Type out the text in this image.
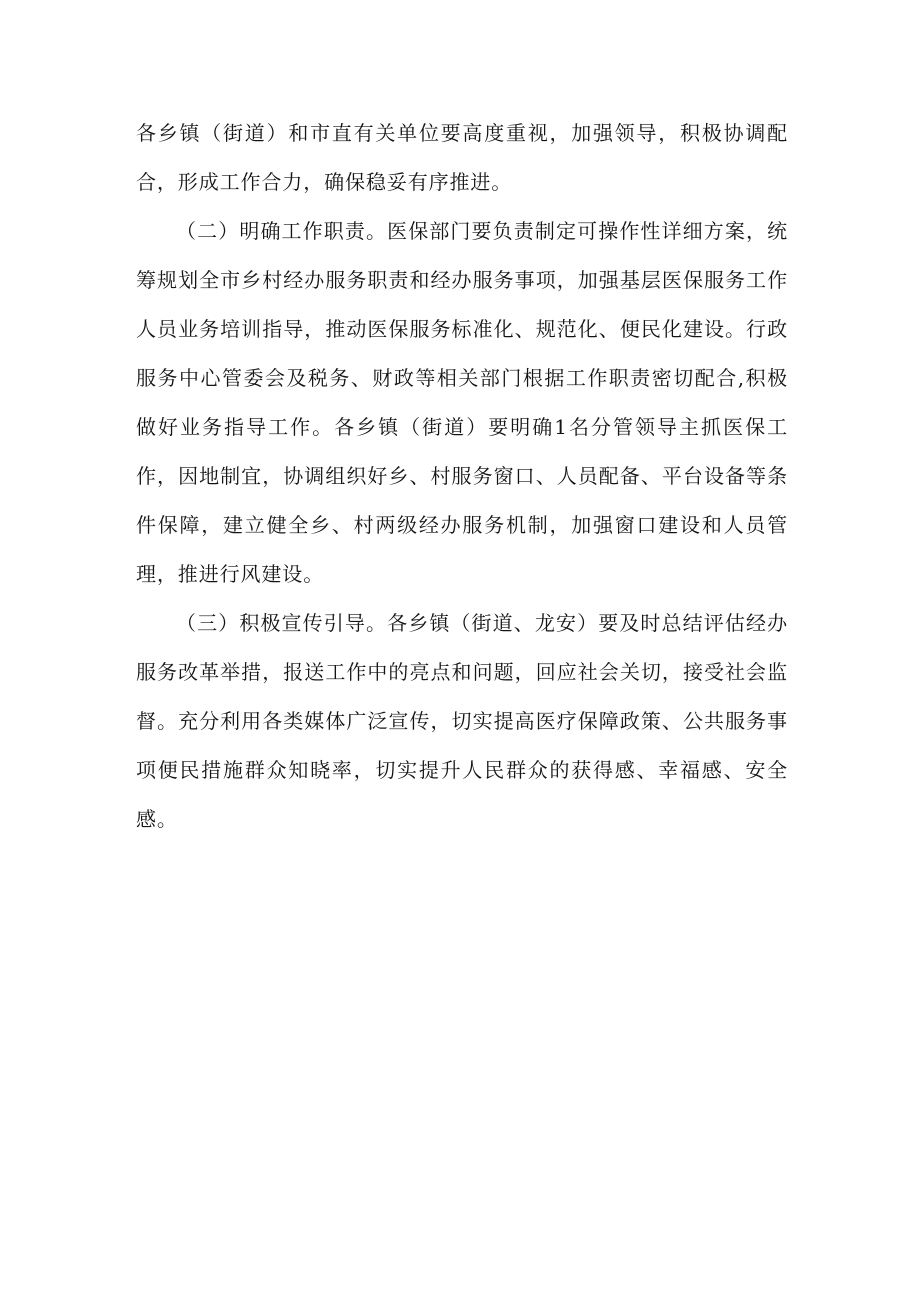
各乡镇（街道）和市直有关单位要高度重视，加强领导，积极协调配合，形成工作合力，确保稳妥有序推进。

（二）明确工作职责。医保部门要负责制定可操作性详细方案，统筹规划全市乡村经办服务职责和经办服务事项，加强基层医保服务工作人员业务培训指导，推动医保服务标准化、规范化、便民化建设。行政服务中心管委会及税务、财政等相关部门根据工作职责密切配合,积极做好业务指导工作。各乡镇（街道）要明确1名分管领导主抓医保工作，因地制宜，协调组织好乡、村服务窗口、人员配备、平台设备等条件保障，建立健全乡、村两级经办服务机制，加强窗口建设和人员管理，推进行风建设。

（三）积极宣传引导。各乡镇（街道、龙安）要及时总结评估经办服务改革举措，报送工作中的亮点和问题，回应社会关切，接受社会监督。充分利用各类媒体广泛宣传，切实提高医疗保障政策、公共服务事项便民措施群众知晓率，切实提升人民群众的获得感、幸福感、安全感。
